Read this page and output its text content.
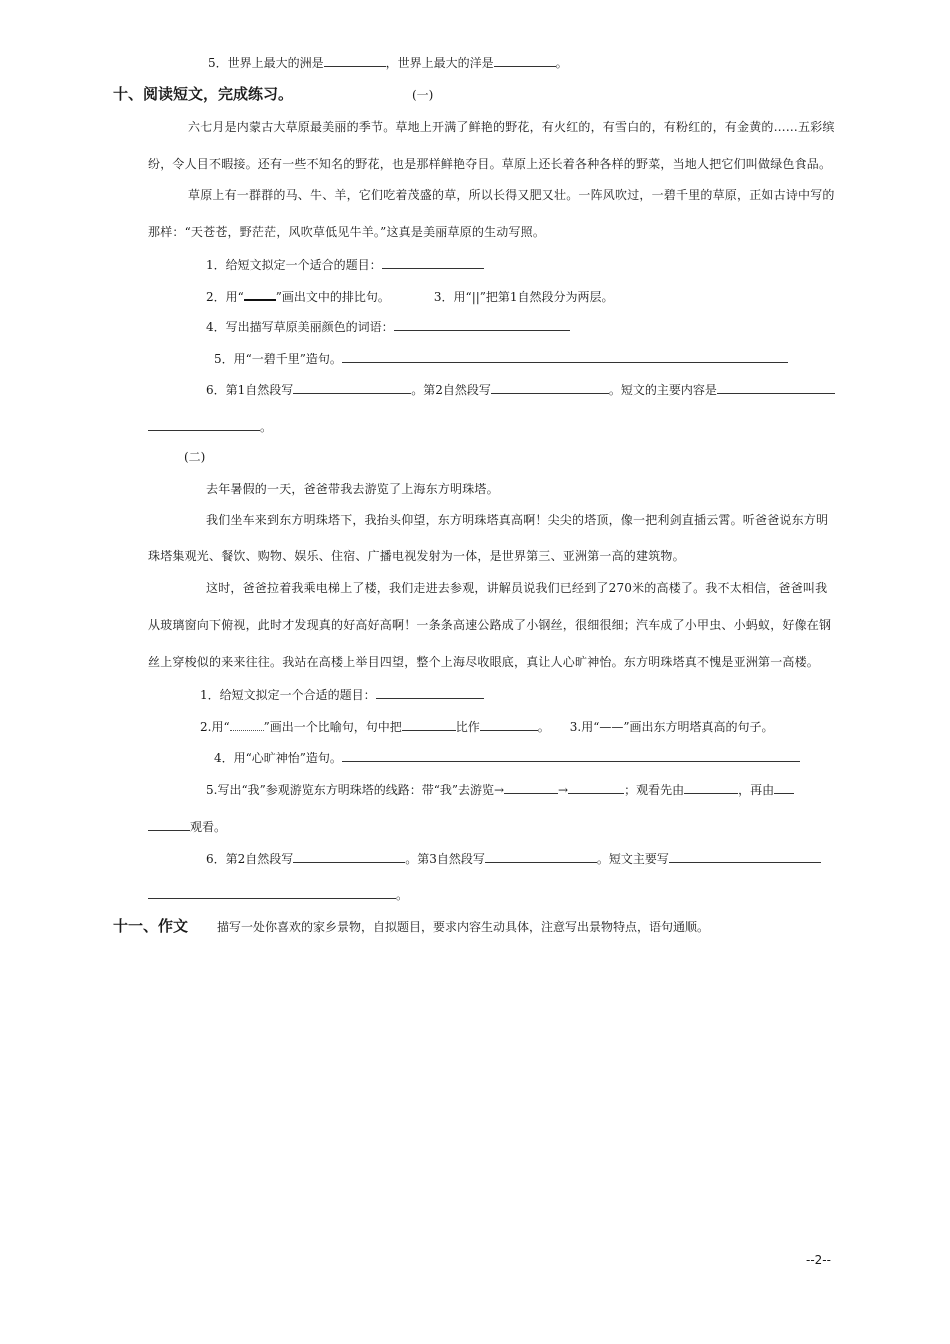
5．世界上最大的洲是	，世界上最大的洋是	。
十、阅读短文，完成练习。	(一)
六七月是内蒙古大草原最美丽的季节。草地上开满了鲜艳的野花，有火红的，有雪白的，有粉红的，有金黄的……五彩缤
纷，令人目不暇接。还有一些不知名的野花，也是那样鲜艳夺目。草原上还长着各种各样的野菜，当地人把它们叫做绿色食品。
草原上有一群群的马、牛、羊，它们吃着茂盛的草，所以长得又肥又壮。一阵风吹过，一碧千里的草原，正如古诗中写的
那样：“天苍苍，野茫茫，风吹草低见牛羊。”这真是美丽草原的生动写照。
1．给短文拟定一个适合的题目：
2．用“	”画出文中的排比句。	3．用“||”把第1自然段分为两层。
4．写出描写草原美丽颜色的词语：
5．用“一碧千里”造句。
6．第1自然段写	。第2自然段写	。短文的主要内容是
。
(二)
去年暑假的一天，爸爸带我去游览了上海东方明珠塔。
我们坐车来到东方明珠塔下，我抬头仰望，东方明珠塔真高啊！尖尖的塔顶，像一把利剑直插云霄。听爸爸说东方明
珠塔集观光、餐饮、购物、娱乐、住宿、广播电视发射为一体，是世界第三、亚洲第一高的建筑物。
这时，爸爸拉着我乘电梯上了楼，我们走进去参观，讲解员说我们已经到了270米的高楼了。我不太相信，爸爸叫我
从玻璃窗向下俯视，此时才发现真的好高好高啊！一条条高速公路成了小钢丝，很细很细；汽车成了小甲虫、小蚂蚁，好像在钢
丝上穿梭似的来来往往。我站在高楼上举目四望，整个上海尽收眼底，真让人心旷神怡。东方明珠塔真不愧是亚洲第一高楼。
1．给短文拟定一个合适的题目：
2.用“	”画出一个比喻句，句中把	比作	。 3.用“——”画出东方明塔真高的句子。
4．用“心旷神怡”造句。
5.写出“我”参观游览东方明珠塔的线路：带“我”去游览→	→	；观看先由	，再由
观看。
6．第2自然段写	。第3自然段写	。短文主要写
。
十一、作文 描写一处你喜欢的家乡景物，自拟题目，要求内容生动具体，注意写出景物特点，语句通顺。
--2--
